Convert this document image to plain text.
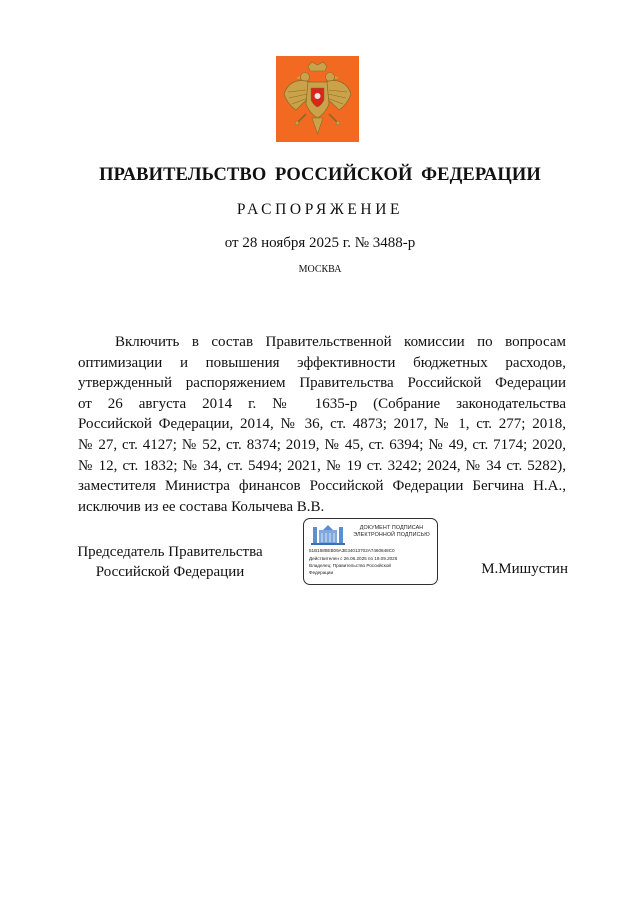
ПРАВИТЕЛЬСТВО РОССИЙСКОЙ ФЕДЕРАЦИИ
РАСПОРЯЖЕНИЕ
от 28 ноября 2025 г. № 3488-р
МОСКВА
Включить в состав Правительственной комиссии по вопросам
оптимизации и повышения эффективности бюджетных расходов,
утвержденный распоряжением Правительства Российской Федерации
от 26 августа 2014 г. № 1635-р (Собрание законодательства
Российской Федерации, 2014, № 36, ст. 4873; 2017, № 1, ст. 277; 2018,
№ 27, ст. 4127; № 52, ст. 8374; 2019, № 45, ст. 6394; № 49, ст. 7174; 2020,
№ 12, ст. 1832; № 34, ст. 5494; 2021, № 19 ст. 3242; 2024, № 34 ст. 5282),
заместителя Министра финансов Российской Федерации Бегчина Н.А.,
исключив из ее состава Колычева В.В.
Председатель Правительства
Российской Федерации
ДОКУМЕНТ ПОДПИСАН
ЭЛЕКТРОННОЙ ПОДПИСЬЮ
51B1588EB09A3E34013702A7460848C0
Действителен с 26.06.2025 по 19.09.2026
Владелец: Правительство Российской
Федерации	М.Мишустин
